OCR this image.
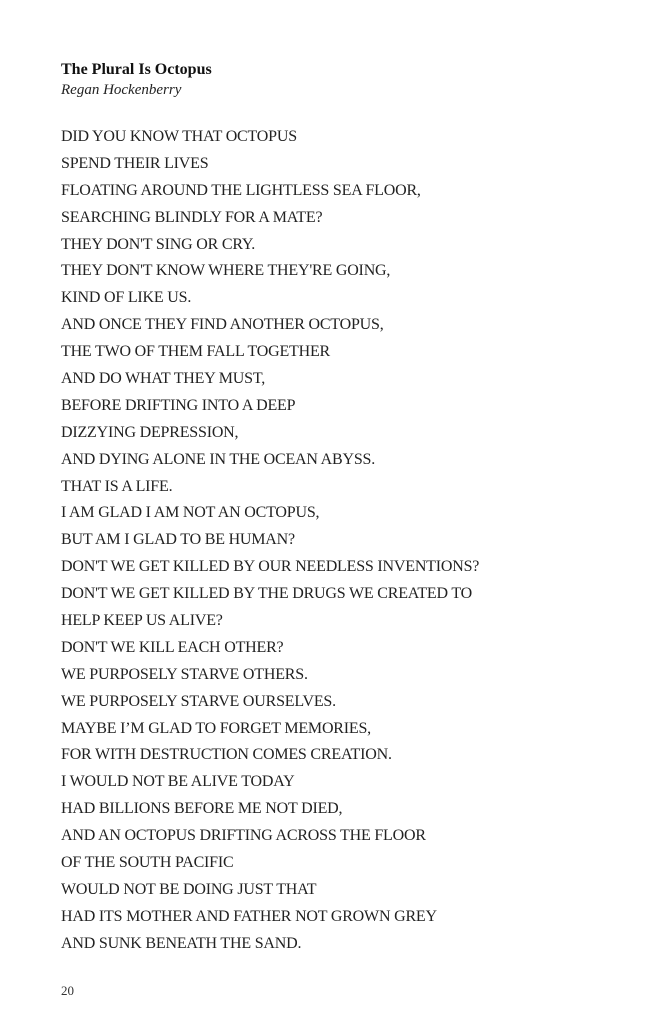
The Plural Is Octopus
Regan Hockenberry
DID YOU KNOW THAT OCTOPUS
SPEND THEIR LIVES
FLOATING AROUND THE LIGHTLESS SEA FLOOR,
SEARCHING BLINDLY FOR A MATE?
THEY DON'T SING OR CRY.
THEY DON'T KNOW WHERE THEY'RE GOING,
KIND OF LIKE US.
AND ONCE THEY FIND ANOTHER OCTOPUS,
THE TWO OF THEM FALL TOGETHER
AND DO WHAT THEY MUST,
BEFORE DRIFTING INTO A DEEP
DIZZYING DEPRESSION,
AND DYING ALONE IN THE OCEAN ABYSS.
THAT IS A LIFE.
I AM GLAD I AM NOT AN OCTOPUS,
BUT AM I GLAD TO BE HUMAN?
DON'T WE GET KILLED BY OUR NEEDLESS INVENTIONS?
DON'T WE GET KILLED BY THE DRUGS WE CREATED TO
HELP KEEP US ALIVE?
DON'T WE KILL EACH OTHER?
WE PURPOSELY STARVE OTHERS.
WE PURPOSELY STARVE OURSELVES.
MAYBE I’M GLAD TO FORGET MEMORIES,
FOR WITH DESTRUCTION COMES CREATION.
I WOULD NOT BE ALIVE TODAY
HAD BILLIONS BEFORE ME NOT DIED,
AND AN OCTOPUS DRIFTING ACROSS THE FLOOR
OF THE SOUTH PACIFIC
WOULD NOT BE DOING JUST THAT
HAD ITS MOTHER AND FATHER NOT GROWN GREY
AND SUNK BENEATH THE SAND.
20
